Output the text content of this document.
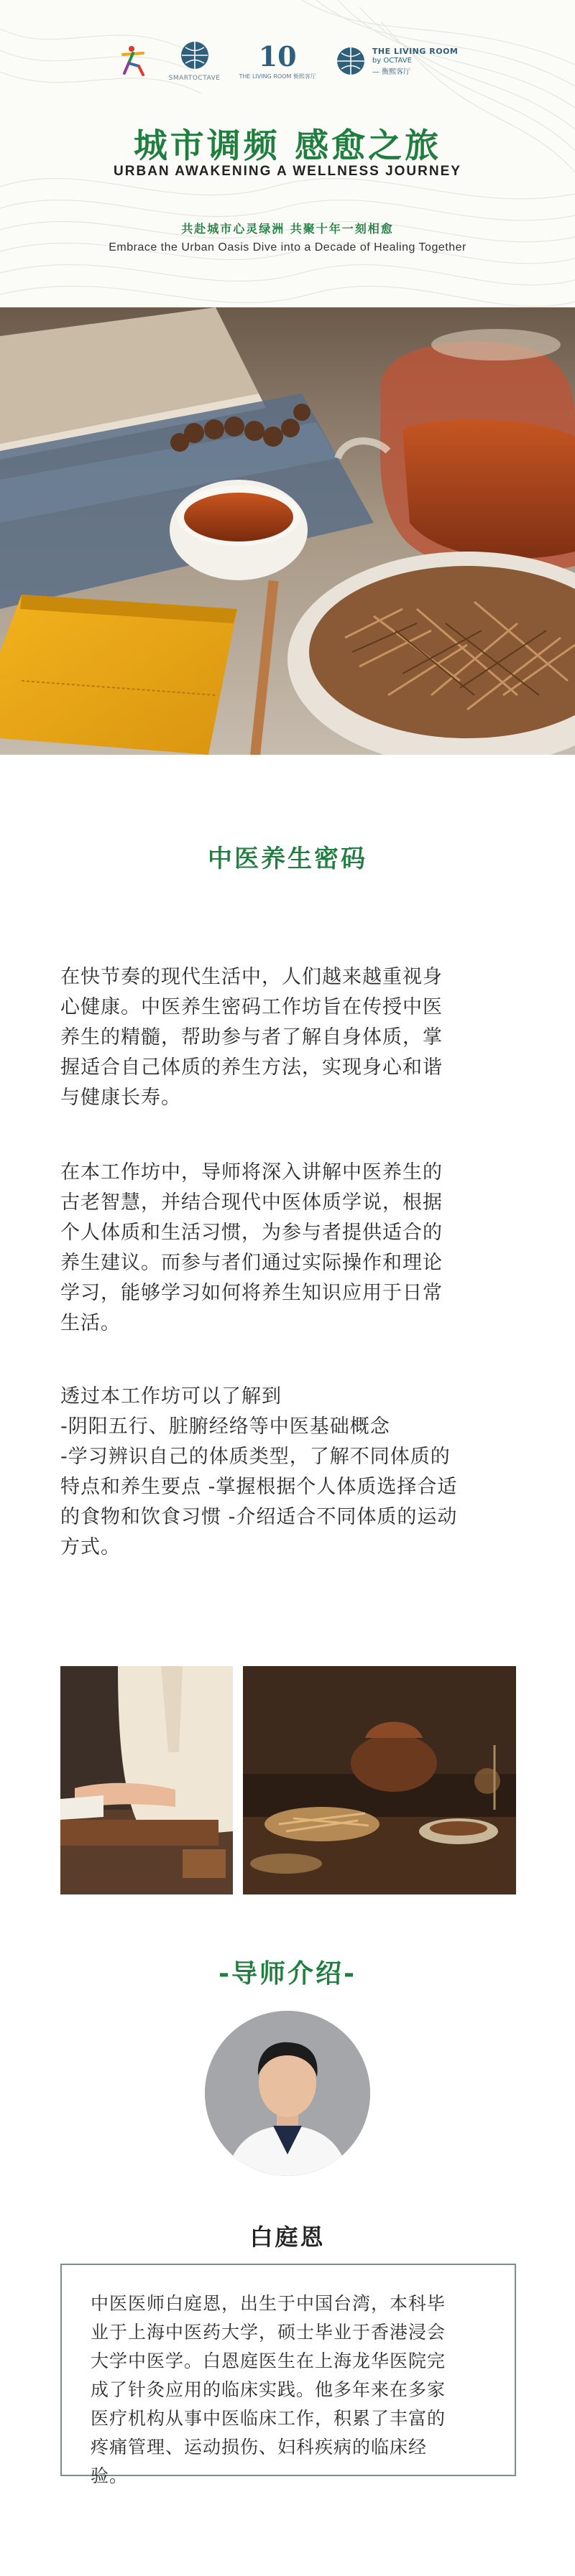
SMARTOCTAVE
10
THE LIVING ROOM 衡熙客厅
THE LIVING ROOM
by OCTAVE
— 衡熙客厅
城市调频 感愈之旅
URBAN AWAKENING A WELLNESS JOURNEY
共赴城市心灵绿洲 共聚十年一刻相愈
Embrace the Urban Oasis Dive into a Decade of Healing Together
中医养生密码
在快节奏的现代生活中，人们越来越重视身
心健康。中医养生密码工作坊旨在传授中医
养生的精髓，帮助参与者了解自身体质，掌
握适合自己体质的养生方法，实现身心和谐
与健康长寿。
在本工作坊中，导师将深入讲解中医养生的
古老智慧，并结合现代中医体质学说，根据
个人体质和生活习惯，为参与者提供适合的
养生建议。而参与者们通过实际操作和理论
学习，能够学习如何将养生知识应用于日常
生活。
透过本工作坊可以了解到
-阴阳五行、脏腑经络等中医基础概念
-学习辨识自己的体质类型，了解不同体质的
特点和养生要点 -掌握根据个人体质选择合适
的食物和饮食习惯 -介绍适合不同体质的运动
方式。
-导师介绍-
白庭恩
中医医师白庭恩，出生于中国台湾，本科毕
业于上海中医药大学，硕士毕业于香港浸会
大学中医学。白恩庭医生在上海龙华医院完
成了针灸应用的临床实践。他多年来在多家
医疗机构从事中医临床工作，积累了丰富的
疼痛管理、运动损伤、妇科疾病的临床经
验。
